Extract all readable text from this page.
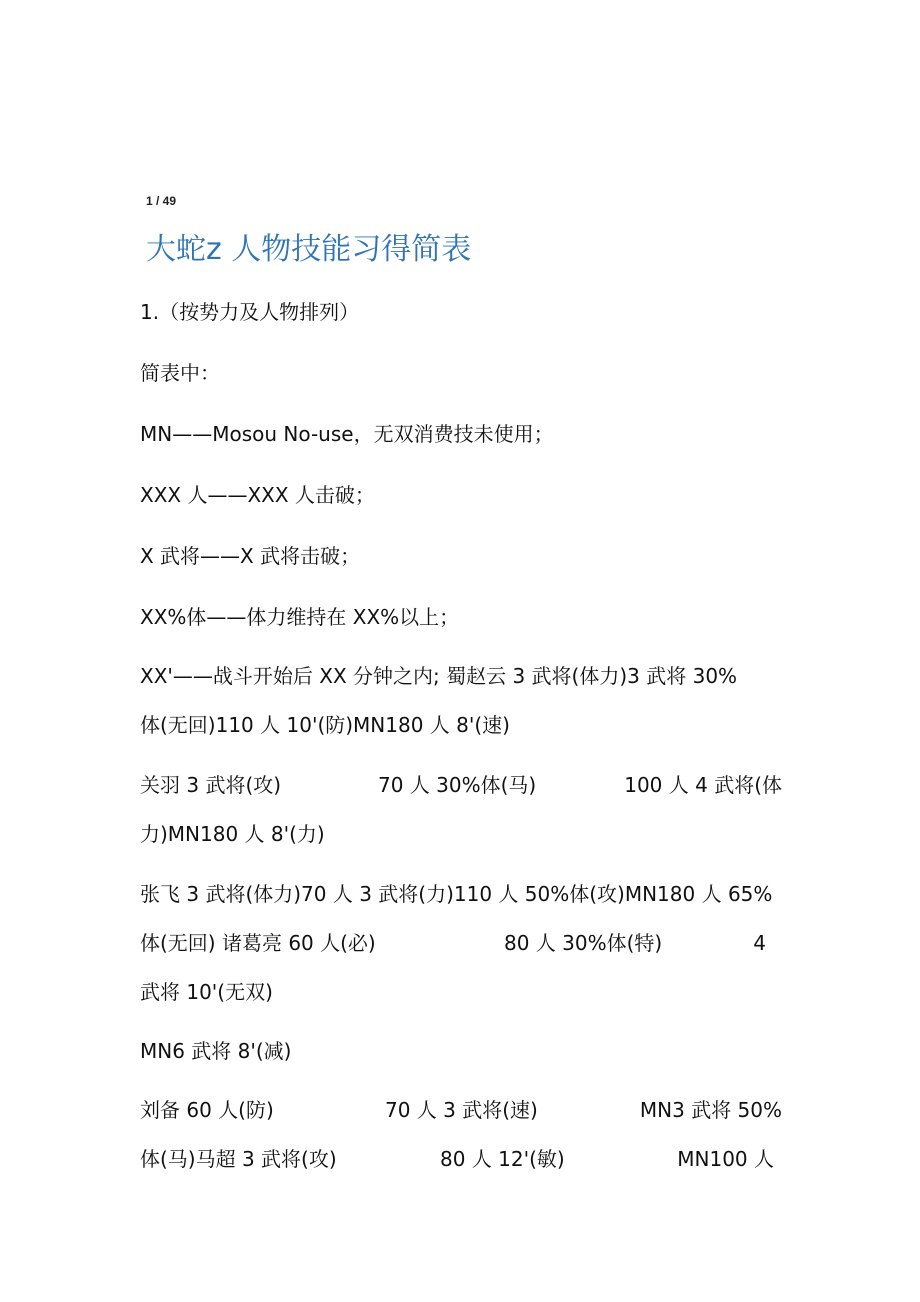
1 / 49
大蛇z 人物技能习得简表

1.（按势力及人物排列）

简表中：

MN——Mosou No-use，无双消费技未使用；

XXX 人——XXX 人击破；

X 武将——X 武将击破；

XX%体——体力维持在 XX%以上；

XX'——战斗开始后 XX 分钟之内; 蜀赵云 3 武将(体力)3 武将 30%
体(无回)110 人 10'(防)MN180 人 8'(速)
关羽 3 武将(攻)	70 人 30%体(马)	100 人 4 武将(体
力)MN180 人 8'(力)
张飞 3 武将(体力)70 人 3 武将(力)110 人 50%体(攻)MN180 人 65%
体(无回) 诸葛亮 60 人(必)	80 人 30%体(特)	4
武将 10'(无双)

MN6 武将 8'(减)

刘备 60 人(防)	70 人 3 武将(速)	MN3 武将 50%
体(马)马超 3 武将(攻)	80 人 12'(敏)	MN100 人
